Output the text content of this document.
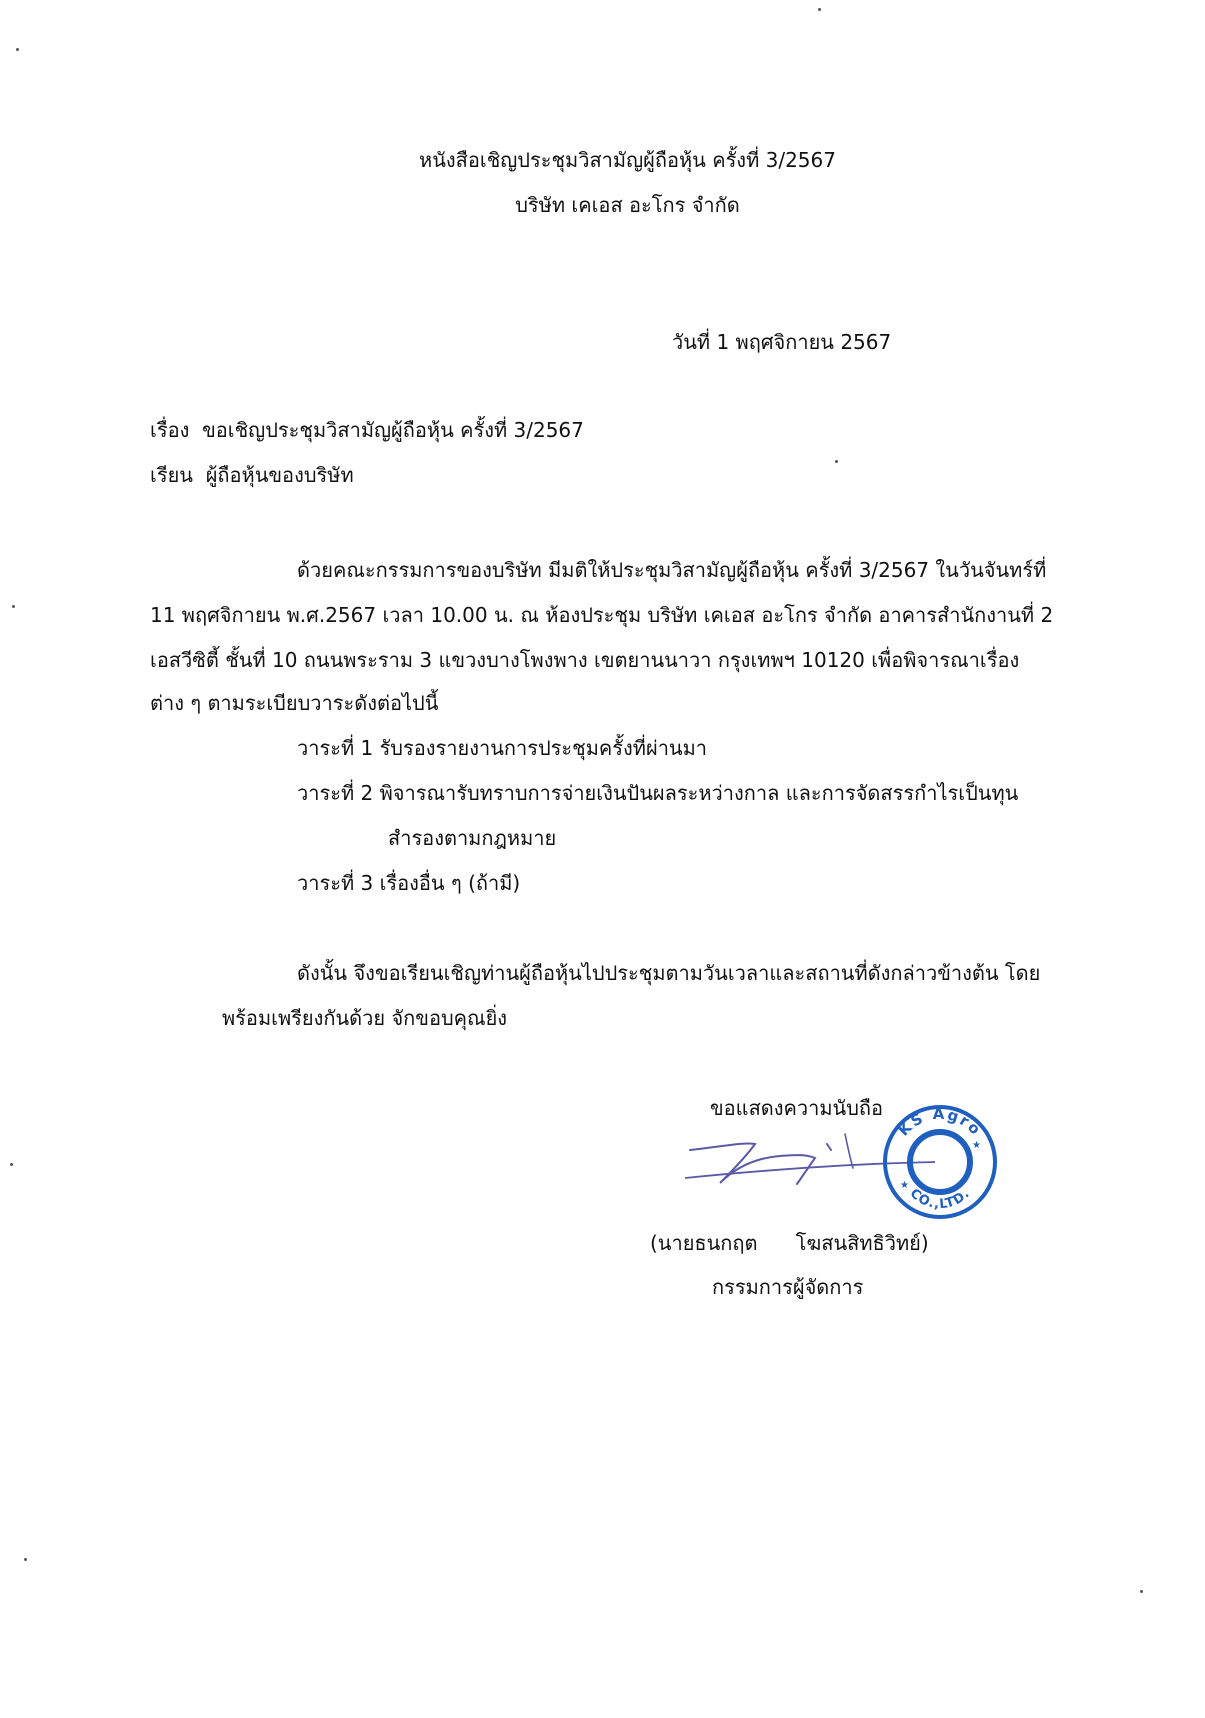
หนังสือเชิญประชุมวิสามัญผู้ถือหุ้น ครั้งที่ 3/2567
บริษัท เคเอส อะโกร จำกัด
วันที่ 1 พฤศจิกายน 2567
เรื่อง ขอเชิญประชุมวิสามัญผู้ถือหุ้น ครั้งที่ 3/2567
เรียน ผู้ถือหุ้นของบริษัท
ด้วยคณะกรรมการของบริษัท มีมติให้ประชุมวิสามัญผู้ถือหุ้น ครั้งที่ 3/2567 ในวันจันทร์ที่
11 พฤศจิกายน พ.ศ.2567 เวลา 10.00 น. ณ ห้องประชุม บริษัท เคเอส อะโกร จำกัด อาคารสำนักงานที่ 2
เอสวีซิตี้ ชั้นที่ 10 ถนนพระราม 3 แขวงบางโพงพาง เขตยานนาวา กรุงเทพฯ 10120 เพื่อพิจารณาเรื่อง
ต่าง ๆ ตามระเบียบวาระดังต่อไปนี้
วาระที่ 1 รับรองรายงานการประชุมครั้งที่ผ่านมา
วาระที่ 2 พิจารณารับทราบการจ่ายเงินปันผลระหว่างกาล และการจัดสรรกำไรเป็นทุน
สำรองตามกฎหมาย
วาระที่ 3 เรื่องอื่น ๆ (ถ้ามี)
ดังนั้น จึงขอเรียนเชิญท่านผู้ถือหุ้นไปประชุมตามวันเวลาและสถานที่ดังกล่าวข้างต้น โดย
พร้อมเพรียงกันด้วย จักขอบคุณยิ่ง
ขอแสดงความนับถือ
KS Agro
CO.,LTD.
★
★
(นายธนกฤต      โฆสนสิทธิวิทย์)
กรรมการผู้จัดการ
